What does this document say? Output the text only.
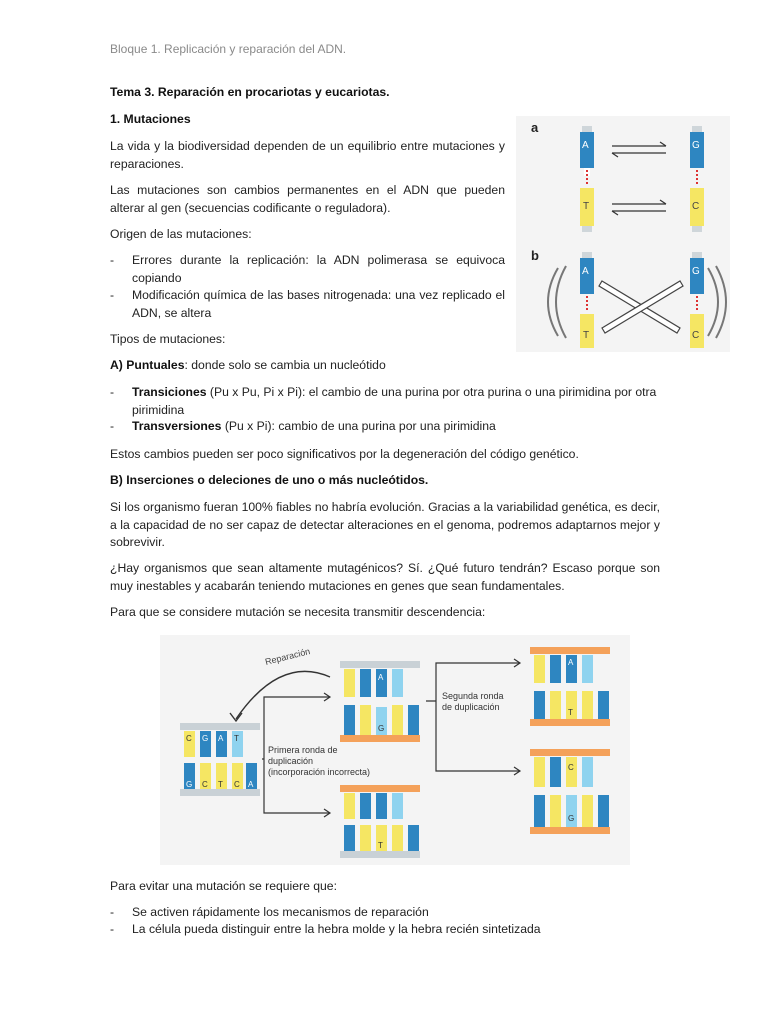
Bloque 1. Replicación y reparación del ADN.
Tema 3. Reparación en procariotas y eucariotas.
1. Mutaciones
La vida y la biodiversidad dependen de un equilibrio entre mutaciones y reparaciones.
Las mutaciones son cambios permanentes en el ADN que pueden alterar al gen (secuencias codificante o reguladora).
Origen de las mutaciones:
- Errores durante la replicación: la ADN polimerasa se equivoca copiando
- Modificación química de las bases nitrogenada: una vez replicado el ADN, se altera
Tipos de mutaciones:
A) Puntuales: donde solo se cambia un nucleótido
- Transiciones (Pu x Pu, Pi x Pi): el cambio de una purina por otra purina o una pirimidina por otra pirimidina
- Transversiones (Pu x Pi): cambio de una purina por una pirimidina
Estos cambios pueden ser poco significativos por la degeneración del código genético.
B) Inserciones o deleciones de uno o más nucleótidos.
Si los organismo fueran 100% fiables no habría evolución. Gracias a la variabilidad genética, es decir, a la capacidad de no ser capaz de detectar alteraciones en el genoma, podremos adaptarnos mejor y sobrevivir.
¿Hay organismos que sean altamente mutagénicos? Sí. ¿Qué futuro tendrán? Escaso porque son muy inestables y acabarán teniendo mutaciones en genes que sean fundamentales.
Para que se considere mutación se necesita transmitir descendencia:
Para evitar una mutación se requiere que:
- Se activen rápidamente los mecanismos de reparación
- La célula pueda distinguir entre la hebra molde y la hebra recién sintetizada
a
b
A
T
G
C
A
T
G
C
Reparación
C G A T
G C T C A
Primera ronda de
duplicación
(incorporación incorrecta)
A
G
T
Segunda ronda
de duplicación
A
T
C
G
